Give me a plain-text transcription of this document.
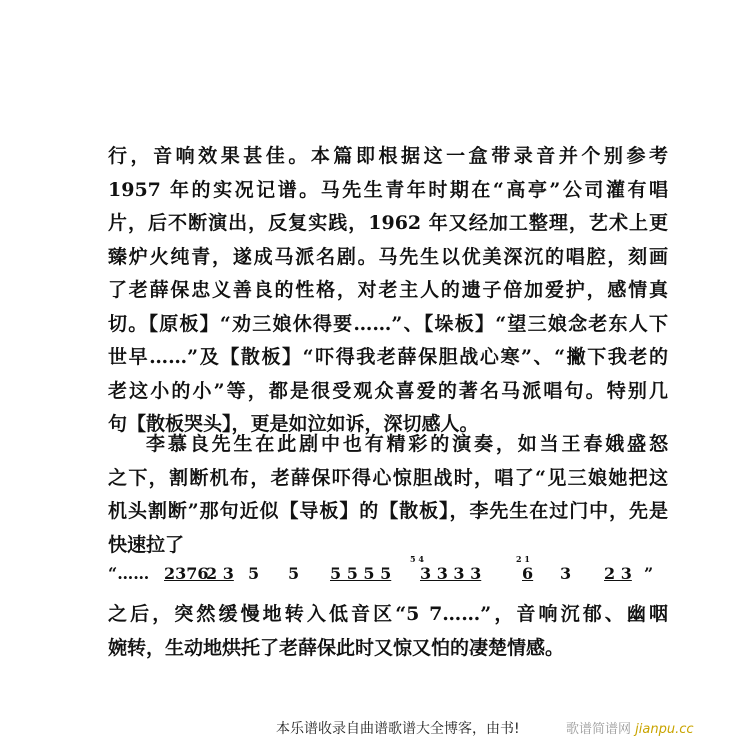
行，音响效果甚佳。本篇即根据这一盒带录音并个别参考
1957 年的实况记谱。马先生青年时期在“高亭”公司灌有唱
片，后不断演出，反复实践，1962 年又经加工整理，艺术上更
臻炉火纯青，遂成马派名剧。马先生以优美深沉的唱腔，刻画
了老薛保忠义善良的性格，对老主人的遗子倍加爱护，感情真
切。【原板】“劝三娘休得要……”、【垛板】“望三娘念老东人下
世早……”及【散板】“吓得我老薛保胆战心寒”、“撇下我老的
老这小的小”等，都是很受观众喜爱的著名马派唱句。特别几
句【散板哭头】，更是如泣如诉，深切感人。
李慕良先生在此剧中也有精彩的演奏，如当王春娥盛怒
之下，割断机布，老薛保吓得心惊胆战时，唱了“见三娘她把这
机头割断”那句近似【导板】的【散板】，李先生在过门中，先是
快速拉了
“…… 2376
2 3 5 5 5 5 5 5
5 4
3 3 3 3
2 1
6 3 2 3 ”
之后，突然缓慢地转入低音区“5 7……”，音响沉郁、幽咽
婉转，生动地烘托了老薛保此时又惊又怕的凄楚情感。
本乐谱收录自曲谱歌谱大全博客，由书!	歌谱简谱网 jianpu.cc
